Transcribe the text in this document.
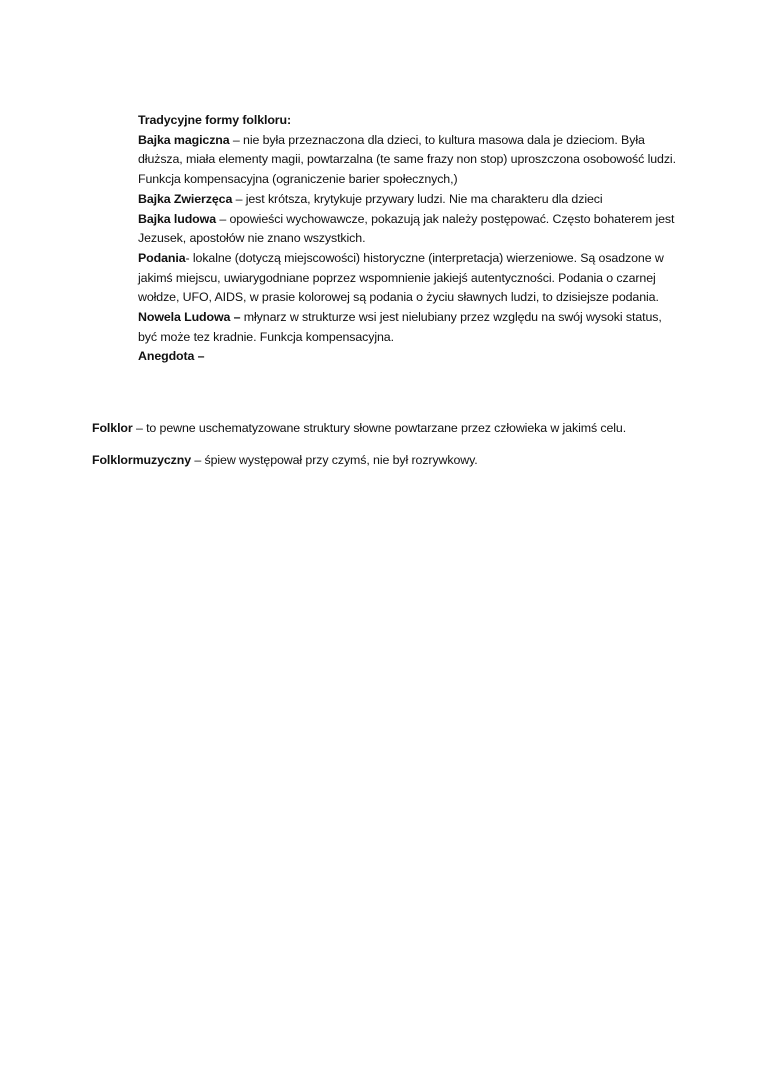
Tradycyjne formy folkloru:

Bajka magiczna – nie była przeznaczona dla dzieci, to kultura masowa dala je dzieciom. Była dłuższa, miała elementy magii, powtarzalna (te same frazy non stop) uproszczona osobowość ludzi. Funkcja kompensacyjna (ograniczenie barier społecznych,)

Bajka Zwierzęca – jest krótsza, krytykuje przywary ludzi. Nie ma charakteru dla dzieci

Bajka ludowa – opowieści wychowawcze, pokazują jak należy postępować. Często bohaterem jest Jezusek, apostołów nie znano wszystkich.

Podania- lokalne (dotyczą miejscowości) historyczne (interpretacja) wierzeniowe. Są osadzone w jakimś miejscu, uwiarygodniane poprzez wspomnienie jakiejś autentyczności. Podania o czarnej wołdze, UFO, AIDS, w prasie kolorowej są podania o życiu sławnych ludzi, to dzisiejsze podania.

Nowela Ludowa – młynarz w strukturze wsi jest nielubiany przez względu na swój wysoki status, być może tez kradnie. Funkcja kompensacyjna.

Anegdota –

Folklor – to pewne uschematyzowane struktury słowne powtarzane przez człowieka w jakimś celu.

Folklormuzyczny – śpiew występował przy czymś, nie był rozrywkowy.
